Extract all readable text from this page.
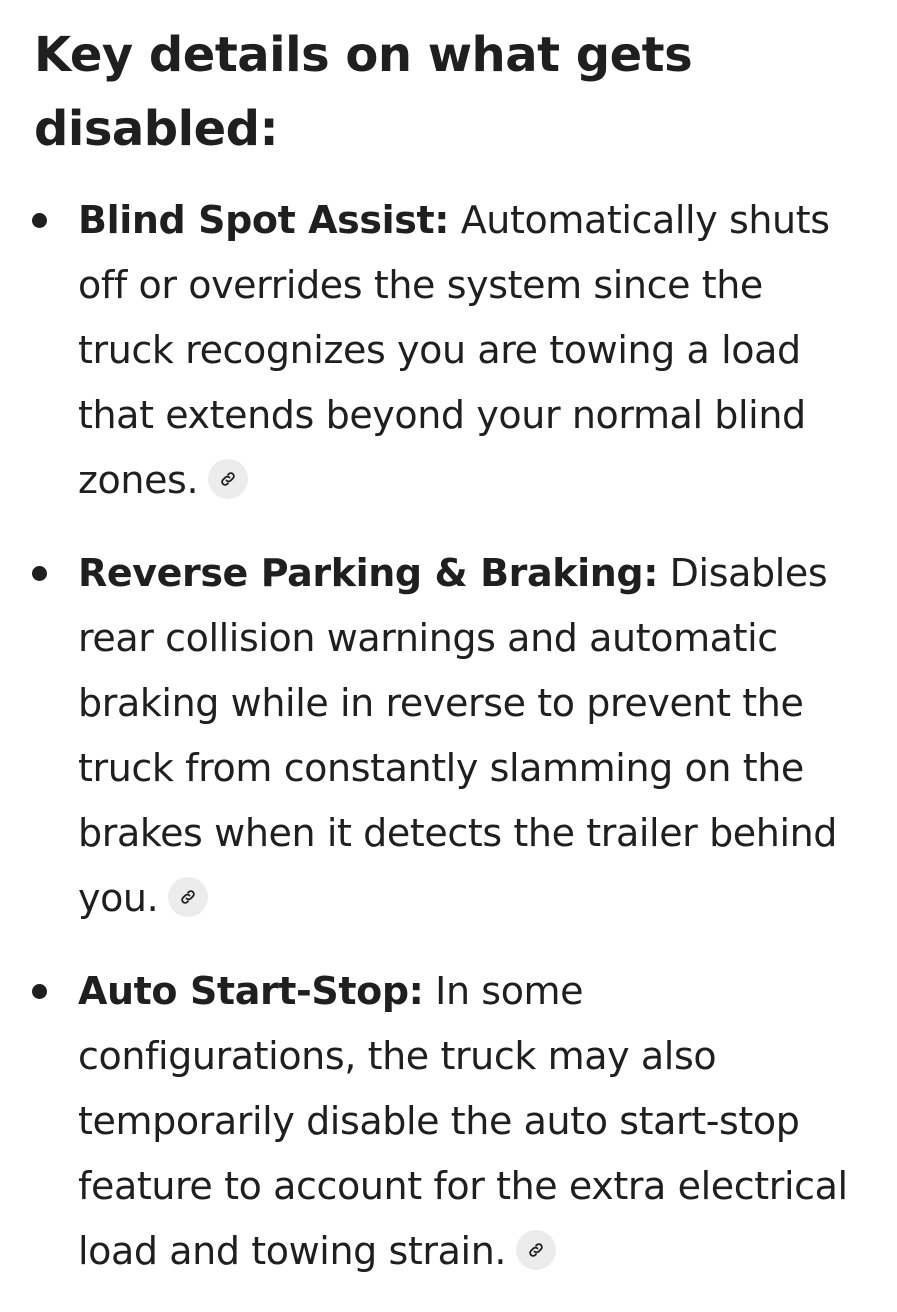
Key details on what gets disabled:
Blind Spot Assist: Automatically shuts off or overrides the system since the truck recognizes you are towing a load that extends beyond your normal blind zones.
Reverse Parking & Braking: Disables rear collision warnings and automatic braking while in reverse to prevent the truck from constantly slamming on the brakes when it detects the trailer behind you.
Auto Start-Stop: In some configurations, the truck may also temporarily disable the auto start-stop feature to account for the extra electrical load and towing strain.
